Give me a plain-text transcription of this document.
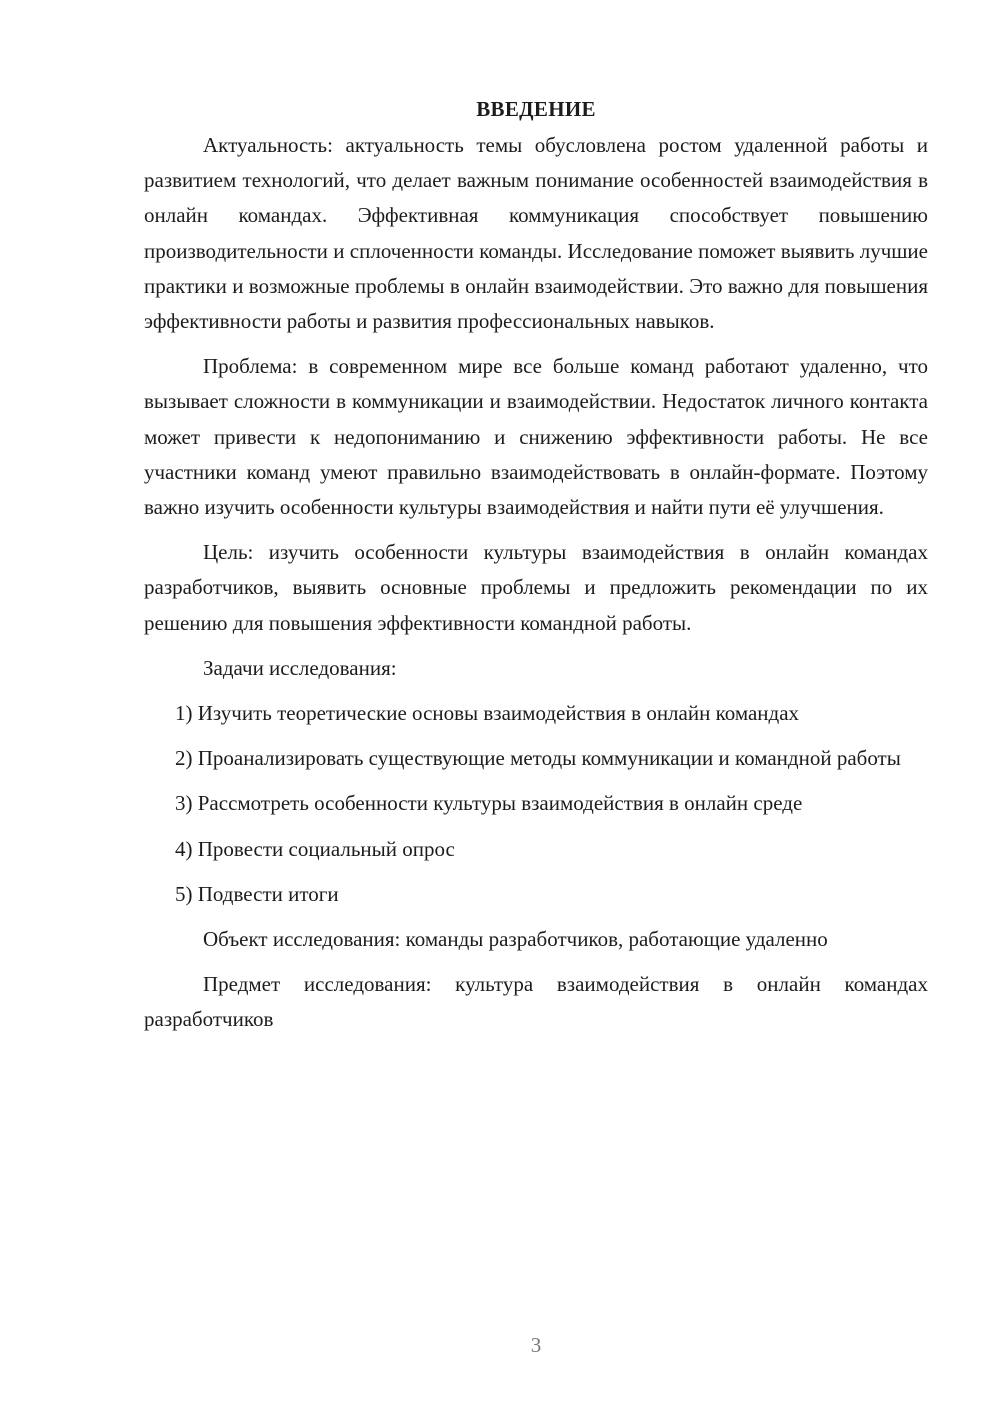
ВВЕДЕНИЕ

Актуальность: актуальность темы обусловлена ростом удаленной работы и развитием технологий, что делает важным понимание особенностей взаимодействия в онлайн командах. Эффективная коммуникация способствует повышению производительности и сплоченности команды. Исследование поможет выявить лучшие практики и возможные проблемы в онлайн взаимодействии. Это важно для повышения эффективности работы и развития профессиональных навыков.

Проблема: в современном мире все больше команд работают удаленно, что вызывает сложности в коммуникации и взаимодействии. Недостаток личного контакта может привести к недопониманию и снижению эффективности работы. Не все участники команд умеют правильно взаимодействовать в онлайн-формате. Поэтому важно изучить особенности культуры взаимодействия и найти пути её улучшения.

Цель: изучить особенности культуры взаимодействия в онлайн командах разработчиков, выявить основные проблемы и предложить рекомендации по их решению для повышения эффективности командной работы.

Задачи исследования:

1) Изучить теоретические основы взаимодействия в онлайн командах

2) Проанализировать существующие методы коммуникации и командной работы

3) Рассмотреть особенности культуры взаимодействия в онлайн среде

4) Провести социальный опрос

5) Подвести итоги

Объект исследования: команды разработчиков, работающие удаленно

Предмет исследования: культура взаимодействия в онлайн командах разработчиков

3
